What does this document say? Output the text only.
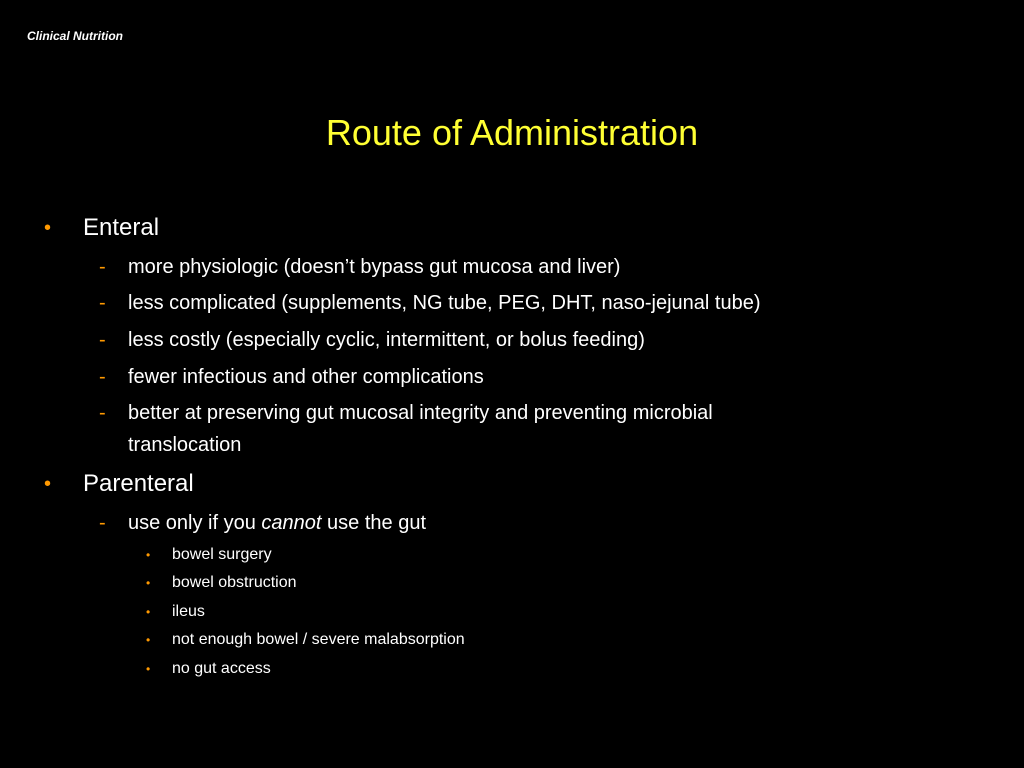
Clinical Nutrition
Route of Administration
• Enteral
- more physiologic (doesn’t bypass gut mucosa and liver)
- less complicated (supplements, NG tube, PEG, DHT, naso-jejunal tube)
- less costly (especially cyclic, intermittent, or bolus feeding)
- fewer infectious and other complications
- better at preserving gut mucosal integrity and preventing microbial
translocation
• Parenteral
- use only if you cannot use the gut
• bowel surgery
• bowel obstruction
• ileus
• not enough bowel / severe malabsorption
• no gut access
